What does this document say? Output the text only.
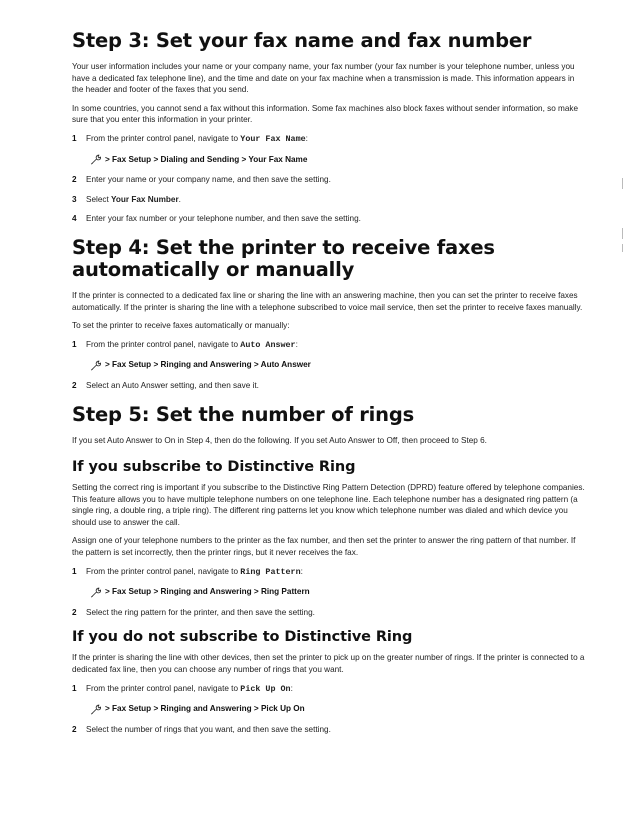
Step 3: Set your fax name and fax number

Your user information includes your name or your company name, your fax number (your fax number is your telephone number, unless you have a dedicated fax telephone line), and the time and date on your fax machine when a transmission is made. This information appears in the header and footer of the faxes that you send.

In some countries, you cannot send a fax without this information. Some fax machines also block faxes without sender information, so make sure that you enter this information in your printer.

1 From the printer control panel, navigate to Your Fax Name:
> Fax Setup > Dialing and Sending > Your Fax Name
2 Enter your name or your company name, and then save the setting.
3 Select Your Fax Number.
4 Enter your fax number or your telephone number, and then save the setting.
Step 4: Set the printer to receive faxes automatically or manually

If the printer is connected to a dedicated fax line or sharing the line with an answering machine, then you can set the printer to receive faxes automatically. If the printer is sharing the line with a telephone subscribed to voice mail service, then set the printer to receive faxes manually.

To set the printer to receive faxes automatically or manually:

1 From the printer control panel, navigate to Auto Answer:
> Fax Setup > Ringing and Answering > Auto Answer
2 Select an Auto Answer setting, and then save it.
Step 5: Set the number of rings

If you set Auto Answer to On in Step 4, then do the following. If you set Auto Answer to Off, then proceed to Step 6.

If you subscribe to Distinctive Ring

Setting the correct ring is important if you subscribe to the Distinctive Ring Pattern Detection (DPRD) feature offered by telephone companies. This feature allows you to have multiple telephone numbers on one telephone line. Each telephone number has a designated ring pattern (a single ring, a double ring, a triple ring). The different ring patterns let you know which telephone number was dialed and which device you should use to answer the call.

Assign one of your telephone numbers to the printer as the fax number, and then set the printer to answer the ring pattern of that number. If the pattern is set incorrectly, then the printer rings, but it never receives the fax.

1 From the printer control panel, navigate to Ring Pattern:
> Fax Setup > Ringing and Answering > Ring Pattern
2 Select the ring pattern for the printer, and then save the setting.
If you do not subscribe to Distinctive Ring

If the printer is sharing the line with other devices, then set the printer to pick up on the greater number of rings. If the printer is connected to a dedicated fax line, then you can choose any number of rings that you want.

1 From the printer control panel, navigate to Pick Up On:
> Fax Setup > Ringing and Answering > Pick Up On
2 Select the number of rings that you want, and then save the setting.
